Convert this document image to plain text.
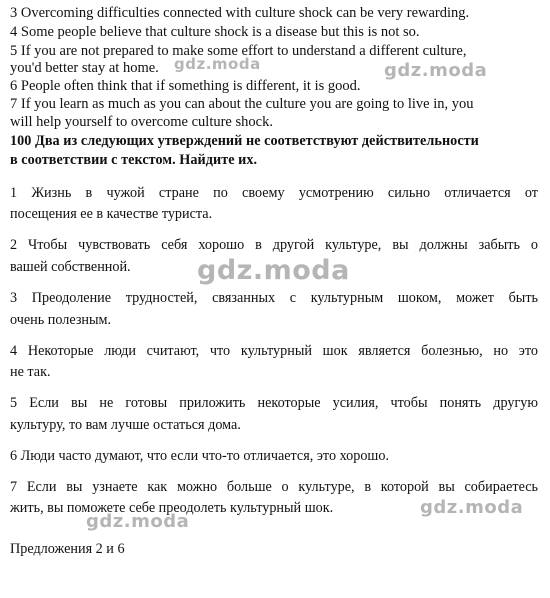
3 Overcoming difficulties connected with culture shock can be very rewarding.
4 Some people believe that culture shock is a disease but this is not so.
5 If you are not prepared to make some effort to understand a different culture,
you'd better stay at home.
6 People often think that if something is different, it is good.
7 If you learn as much as you can about the culture you are going to live in, you
will help yourself to overcome culture shock.
100 Два из следующих утверждений не соответствуют действительности
в соответствии с текстом. Найдите их.
1 Жизнь в чужой стране по своему усмотрению сильно отличается от
посещения ее в качестве туриста.
2 Чтобы чувствовать себя хорошо в другой культуре, вы должны забыть о
вашей собственной.
3 Преодоление трудностей, связанных с культурным шоком, может быть
очень полезным.
4 Некоторые люди считают, что культурный шок является болезнью, но это
не так.
5 Если вы не готовы приложить некоторые усилия, чтобы понять другую
культуру, то вам лучше остаться дома.
6 Люди часто думают, что если что-то отличается, это хорошо.
7 Если вы узнаете как можно больше о культуре, в которой вы собираетесь
жить, вы поможете себе преодолеть культурный шок.
Предложения 2 и 6
gdz.moda	gdz.moda
gdz.moda
gdz.moda
gdz.moda
